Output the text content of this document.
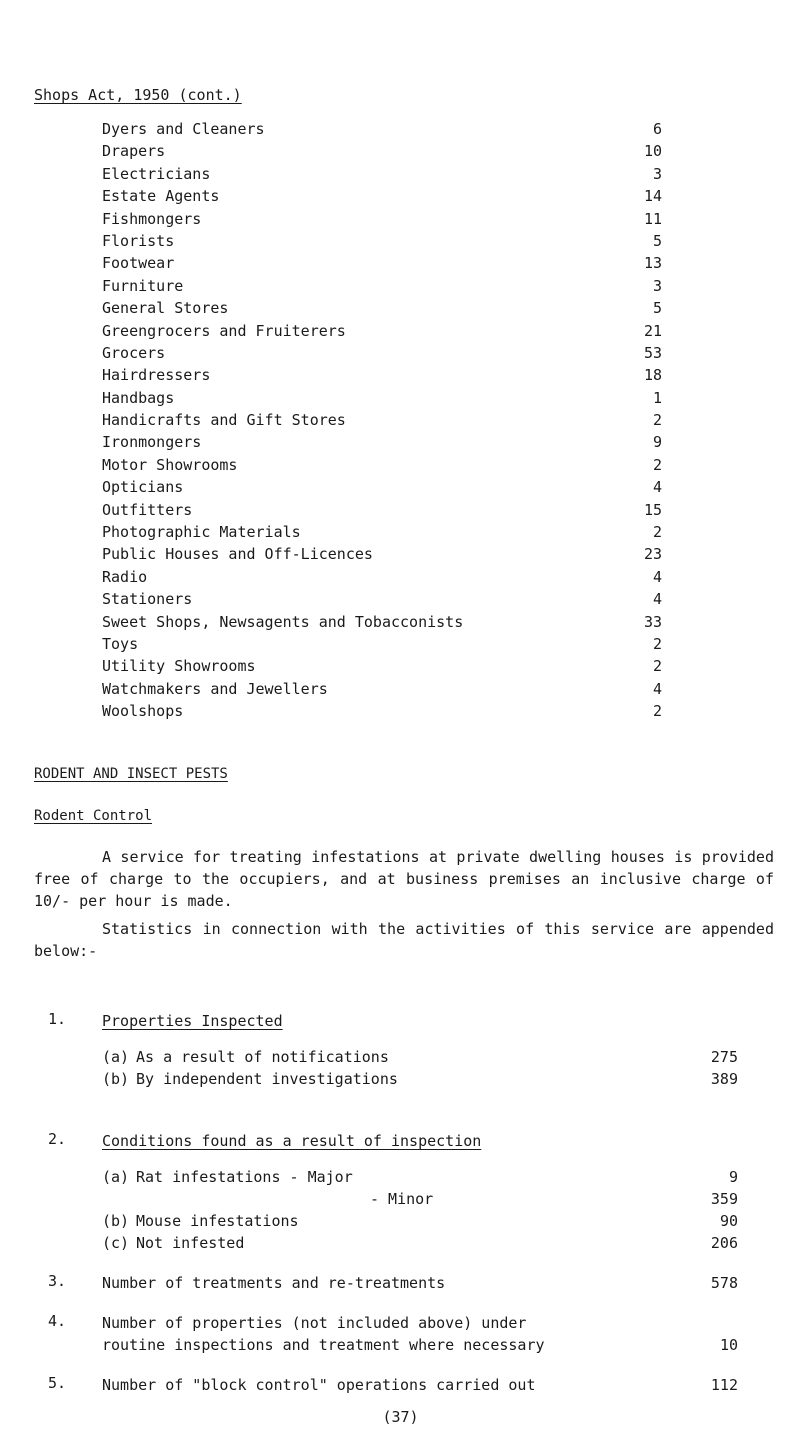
Shops Act, 1950 (cont.)
Dyers and Cleaners	6
Drapers	10
Electricians	3
Estate Agents	14
Fishmongers	11
Florists	5
Footwear	13
Furniture	3
General Stores	5
Greengrocers and Fruiterers	21
Grocers	53
Hairdressers	18
Handbags	1
Handicrafts and Gift Stores	2
Ironmongers	9
Motor Showrooms	2
Opticians	4
Outfitters	15
Photographic Materials	2
Public Houses and Off-Licences	23
Radio	4
Stationers	4
Sweet Shops, Newsagents and Tobacconists	33
Toys	2
Utility Showrooms	2
Watchmakers and Jewellers	4
Woolshops	2
RODENT AND INSECT PESTS
Rodent Control
A service for treating infestations at private dwelling houses is provided free of charge to the occupiers, and at business premises an inclusive charge of 10/- per hour is made.
Statistics in connection with the activities of this service are appended below:-
1. Properties Inspected
(a) As a result of notifications	275
(b) By independent investigations	389
2. Conditions found as a result of inspection
(a) Rat infestations - Major	9
- Minor	359
(b) Mouse infestations	90
(c) Not infested	206
3. Number of treatments and re-treatments	578
4. Number of properties (not included above) under
routine inspections and treatment where necessary	10
5. Number of "block control" operations carried out	112
(37)
